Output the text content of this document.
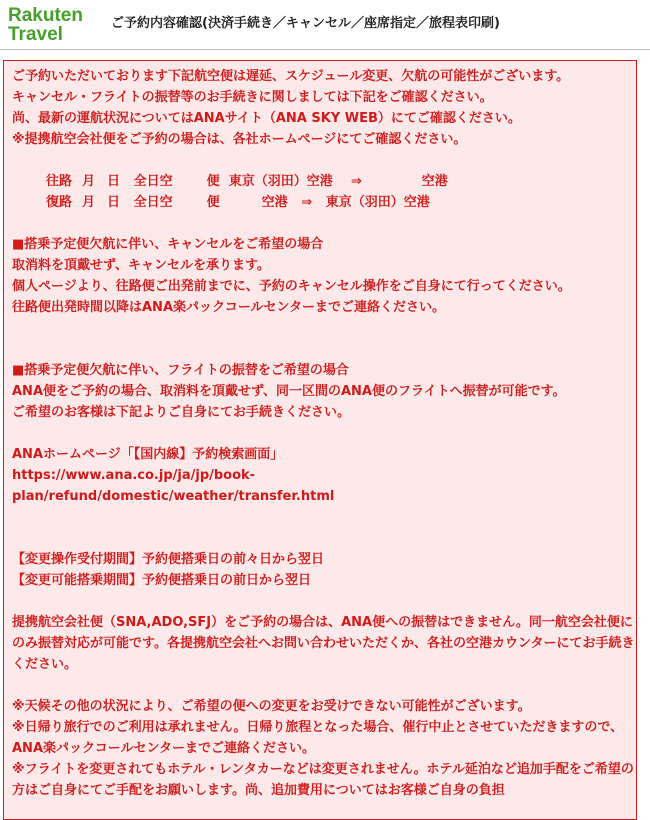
Rakuten
Travel
ご予約内容確認(決済手続き／キャンセル／座席指定／旅程表印刷)

ご予約いただいております下記航空便は遅延、スケジュール変更、欠航の可能性がございます。

キャンセル・フライトの振替等のお手続きに関しましては下記をご確認ください。

尚、最新の運航状況についてはANAサイト（ANA SKY WEB）にてご確認ください。

※提携航空会社便をご予約の場合は、各社ホームページにてご確認ください。

往路 月 日 全日空	便 東京（羽田）空港 ⇒	空港

復路 月 日 全日空	便	空港 ⇒ 東京（羽田）空港

■搭乗予定便欠航に伴い、キャンセルをご希望の場合

取消料を頂戴せず、キャンセルを承ります。

個人ページより、往路便ご出発前までに、予約のキャンセル操作をご自身にて行ってください。

往路便出発時間以降はANA楽パックコールセンターまでご連絡ください。

■搭乗予定便欠航に伴い、フライトの振替をご希望の場合

ANA便をご予約の場合、取消料を頂戴せず、同一区間のANA便のフライトへ振替が可能です。

ご希望のお客様は下記よりご自身にてお手続きください。

ANAホームページ「【国内線】予約検索画面」

https://www.ana.co.jp/ja/jp/book-

plan/refund/domestic/weather/transfer.html

【変更操作受付期間】予約便搭乗日の前々日から翌日

【変更可能搭乗期間】予約便搭乗日の前日から翌日

提携航空会社便（SNA,ADO,SFJ）をご予約の場合は、ANA便への振替はできません。同一航空会社便にのみ振替対応が可能です。各提携航空会社へお問い合わせいただくか、各社の空港カウンターにてお手続きください。

※天候その他の状況により、ご希望の便への変更をお受けできない可能性がございます。

※日帰り旅行でのご利用は承れません。日帰り旅程となった場合、催行中止とさせていただきますので、ANA楽パックコールセンターまでご連絡ください。

※フライトを変更されてもホテル・レンタカーなどは変更されません。ホテル延泊など追加手配をご希望の方はご自身にてご手配をお願いします。尚、追加費用についてはお客様ご自身の負担
